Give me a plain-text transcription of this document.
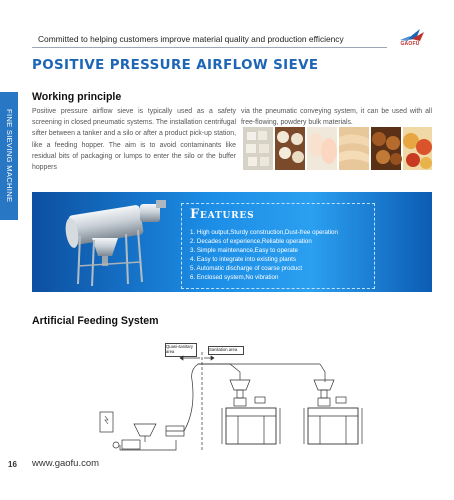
Committed to helping customers improve material quality and production efficiency	GAOFU
POSITIVE PRESSURE AIRFLOW SIEVE
FINE SIEVING MACHINE
Working principle
Positive pressure airflow sieve is typically used as a safety screening in closed pneumatic systems. The installation centrifugal sifter between a tanker and a silo or after a product pick-up station, like a feeding hopper. The aim is to avoid contaminants like residual bits of packaging or lumps to enter the silo or the buffer hoppers
via the pneumatic conveying system, it can be used with all free-flowing, powdery bulk materials.
Features
1. High output,Sturdy construction,Dust-free operation
2. Decades of experience,Reliable operation
3. Simple maintenance,Easy to operate
4. Easy to integrate into existing plants
5. Automatic discharge of coarse product
6. Enclosed system,No vibration
Artificial Feeding System
Quasi-sanitary area	Sanitation area
16 www.gaofu.com
